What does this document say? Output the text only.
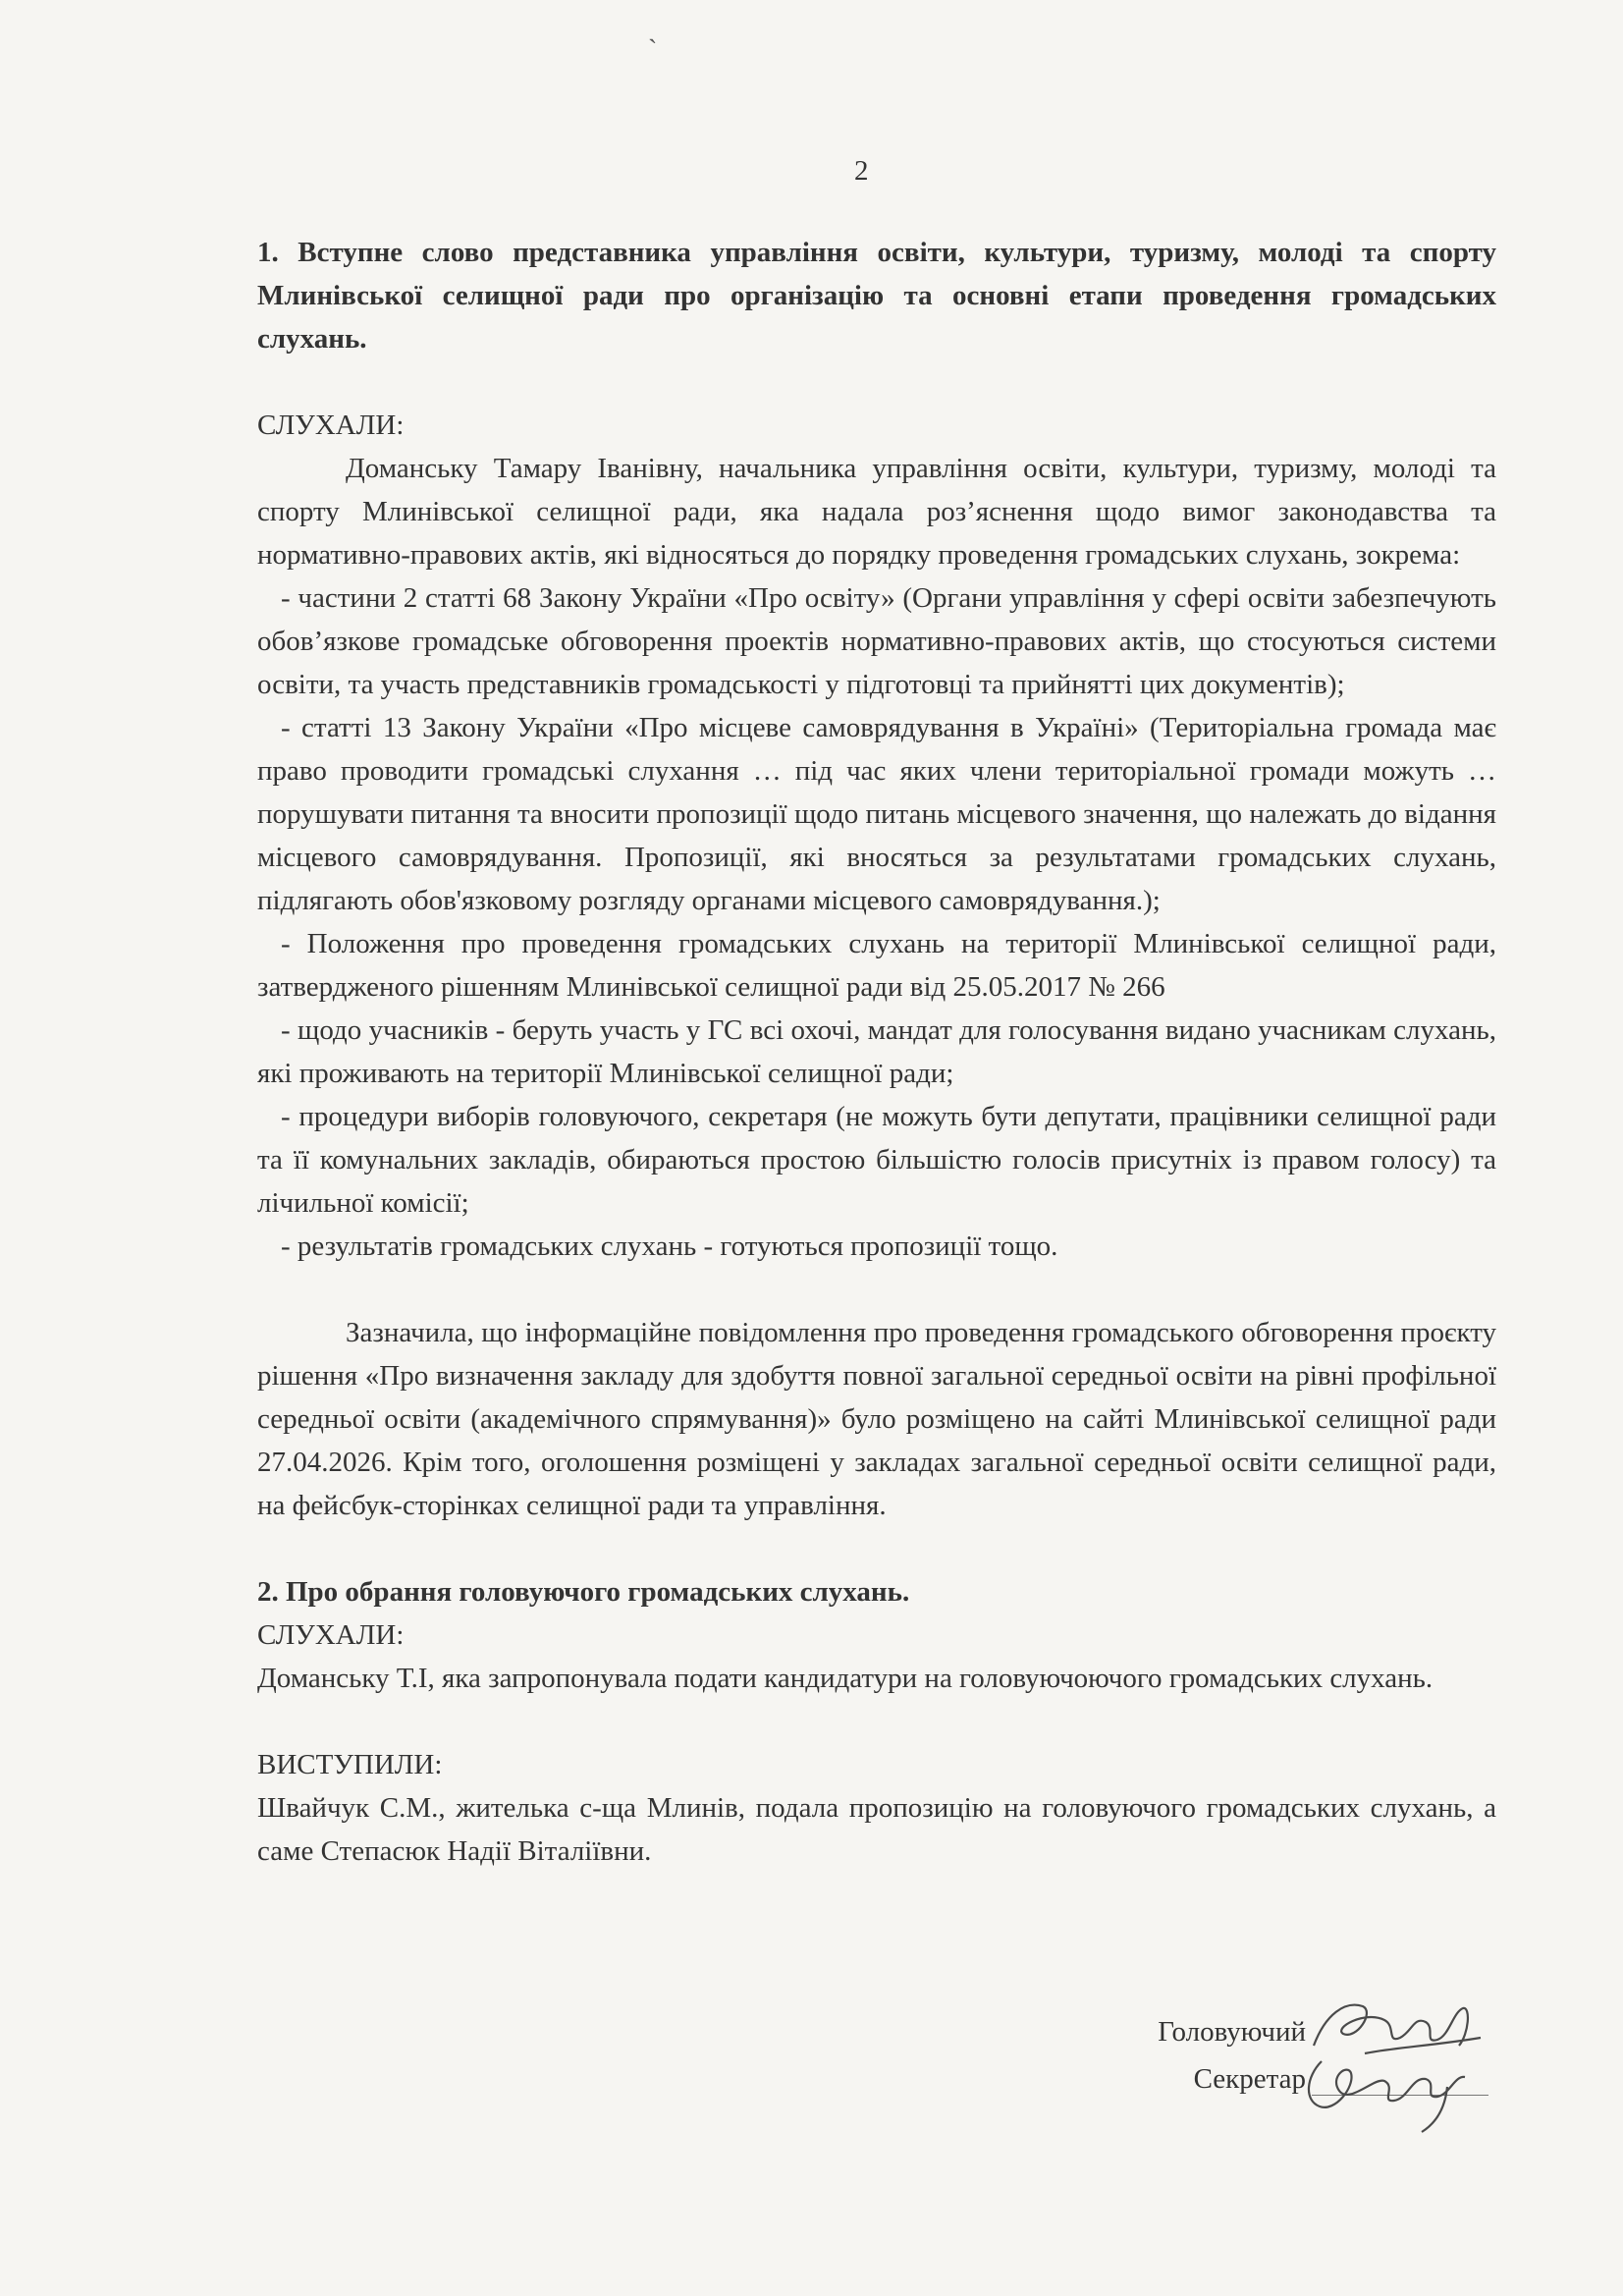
ˏ
2

1. Вступне слово представника управління освіти, культури, туризму, молоді та спорту Млинівської селищної ради про організацію та основні етапи проведення громадських слухань.

СЛУХАЛИ:

Доманську Тамару Іванівну, начальника управління освіти, культури, туризму, молоді та спорту Млинівської селищної ради, яка надала роз’яснення щодо вимог законодавства та нормативно-правових актів, які відносяться до порядку проведення громадських слухань, зокрема:

- частини 2 статті 68 Закону України «Про освіту» (Органи управління у сфері освіти забезпечують обов’язкове громадське обговорення проектів нормативно-правових актів, що стосуються системи освіти, та участь представників громадськості у підготовці та прийнятті цих документів);

- статті 13 Закону України «Про місцеве самоврядування в Україні» (Територіальна громада має право проводити громадські слухання … під час яких члени територіальної громади можуть … порушувати питання та вносити пропозиції щодо питань місцевого значення, що належать до відання місцевого самоврядування. Пропозиції, які вносяться за результатами громадських слухань, підлягають обов'язковому розгляду органами місцевого самоврядування.);

- Положення про проведення громадських слухань на території Млинівської селищної ради, затвердженого рішенням Млинівської селищної ради від 25.05.2017 № 266

- щодо учасників - беруть участь у ГС всі охочі, мандат для голосування видано учасникам слухань, які проживають на території Млинівської селищної ради;

- процедури виборів головуючого, секретаря (не можуть бути депутати, працівники селищної ради та її комунальних закладів, обираються простою більшістю голосів присутніх із правом голосу) та лічильної комісії;

- результатів громадських слухань - готуються пропозиції тощо.

Зазначила, що інформаційне повідомлення про проведення громадського обговорення проєкту рішення «Про визначення закладу для здобуття повної загальної середньої освіти на рівні профільної середньої освіти (академічного спрямування)» було розміщено на сайті Млинівської селищної ради 27.04.2026. Крім того, оголошення розміщені у закладах загальної середньої освіти селищної ради, на фейсбук-сторінках селищної ради та управління.

2. Про обрання головуючого громадських слухань.

СЛУХАЛИ:

Доманську Т.І, яка запропонувала подати кандидатури на головуючоючого громадських слухань.

ВИСТУПИЛИ:

Швайчук С.М., жителька с-ща Млинів, подала пропозицію на головуючого громадських слухань, а саме Степасюк Надії Віталіївни.

Головуючий
Секретар
